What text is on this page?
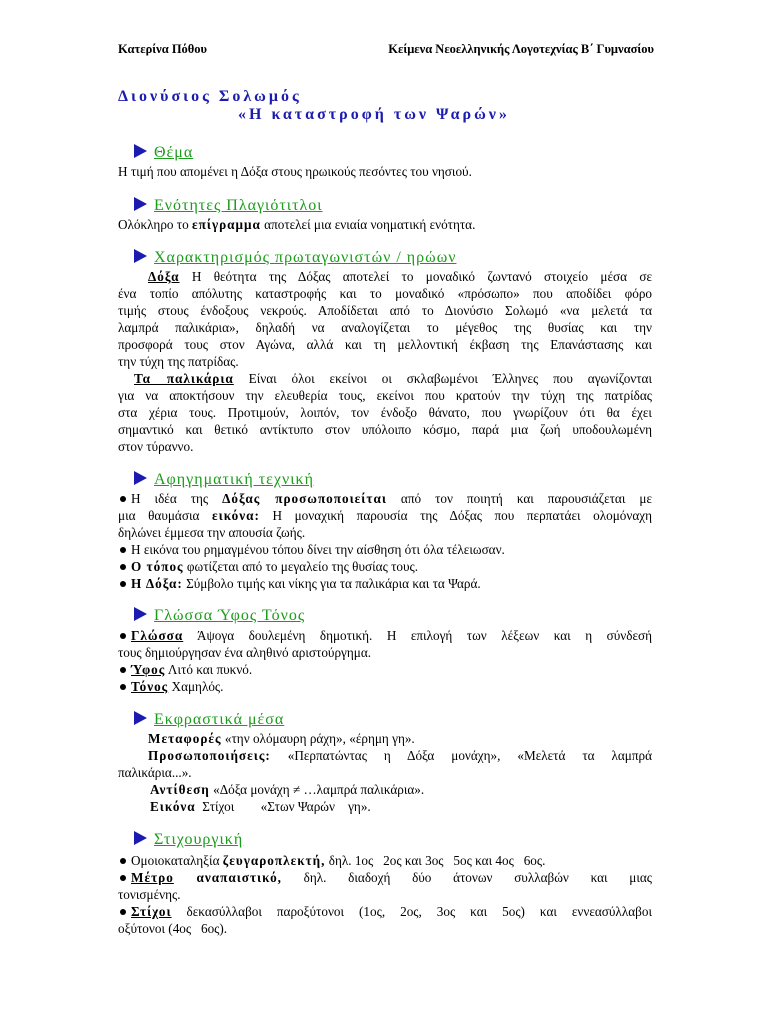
Κατερίνα Πόθου	Κείμενα Νεοελληνικής Λογοτεχνίας Β΄ Γυμνασίου
Διονύσιος Σολωμός
«Η καταστροφή των Ψαρών»
Θέμα
Η τιμή που απομένει η Δόξα στους ηρωικούς πεσόντες του νησιού.
Ενότητες Πλαγιότιτλοι
Ολόκληρο το επίγραμμα αποτελεί μια ενιαία νοηματική ενότητα.
Χαρακτηρισμός πρωταγωνιστών / ηρώων
Δόξα Η θεότητα της Δόξας αποτελεί το μοναδικό ζωντανό στοιχείο μέσα σε
ένα τοπίο απόλυτης καταστροφής και το μοναδικό «πρόσωπο» που αποδίδει φόρο
τιμής στους ένδοξους νεκρούς. Αποδίδεται από το Διονύσιο Σολωμό «να μελετά τα
λαμπρά παλικάρια», δηλαδή να αναλογίζεται το μέγεθος της θυσίας και την
προσφορά τους στον Αγώνα, αλλά και τη μελλοντική έκβαση της Επανάστασης και
την τύχη της πατρίδας.
Τα παλικάρια Είναι όλοι εκείνοι οι σκλαβωμένοι Έλληνες που αγωνίζονται
για να αποκτήσουν την ελευθερία τους, εκείνοι που κρατούν την τύχη της πατρίδας
στα χέρια τους. Προτιμούν, λοιπόν, τον ένδοξο θάνατο, που γνωρίζουν ότι θα έχει
σημαντικό και θετικό αντίκτυπο στον υπόλοιπο κόσμο, παρά μια ζωή υποδουλωμένη
στον τύραννο.
Αφηγηματική τεχνική
Η ιδέα της Δόξας προσωποποιείται από τον ποιητή και παρουσιάζεται με
μια θαυμάσια εικόνα: Η μοναχική παρουσία της Δόξας που περπατάει ολομόναχη
δηλώνει έμμεσα την απουσία ζωής.
Η εικόνα του ρημαγμένου τόπου δίνει την αίσθηση ότι όλα τέλειωσαν.
Ο τόπος φωτίζεται από το μεγαλείο της θυσίας τους.
Η Δόξα: Σύμβολο τιμής και νίκης για τα παλικάρια και τα Ψαρά.
Γλώσσα Ύφος Τόνος
Γλώσσα Άψογα δουλεμένη δημοτική. Η επιλογή των λέξεων και η σύνδεσή
τους δημιούργησαν ένα αληθινό αριστούργημα.
Ύφος Λιτό και πυκνό.
Τόνος Χαμηλός.
Εκφραστικά μέσα
Μεταφορές «την ολόμαυρη ράχη», «έρημη γη».
Προσωποποιήσεις: «Περπατώντας η Δόξα μονάχη», «Μελετά τα λαμπρά
παλικάρια...».
Αντίθεση «Δόξα μονάχη ≠ …λαμπρά παλικάρια».
Εικόνα  Στίχοι        «Στων Ψαρών    γη».
Στιχουργική
Ομοιοκαταληξία ζευγαροπλεκτή, δηλ. 1ος   2ος και 3ος   5ος και 4ος   6ος.
Μέτρο αναπαιστικό, δηλ. διαδοχή δύο άτονων συλλαβών και μιας
τονισμένης.
Στίχοι δεκασύλλαβοι παροξύτονοι (1ος, 2ος, 3ος και 5ος) και εννεασύλλαβοι
οξύτονοι (4ος   6ος).
